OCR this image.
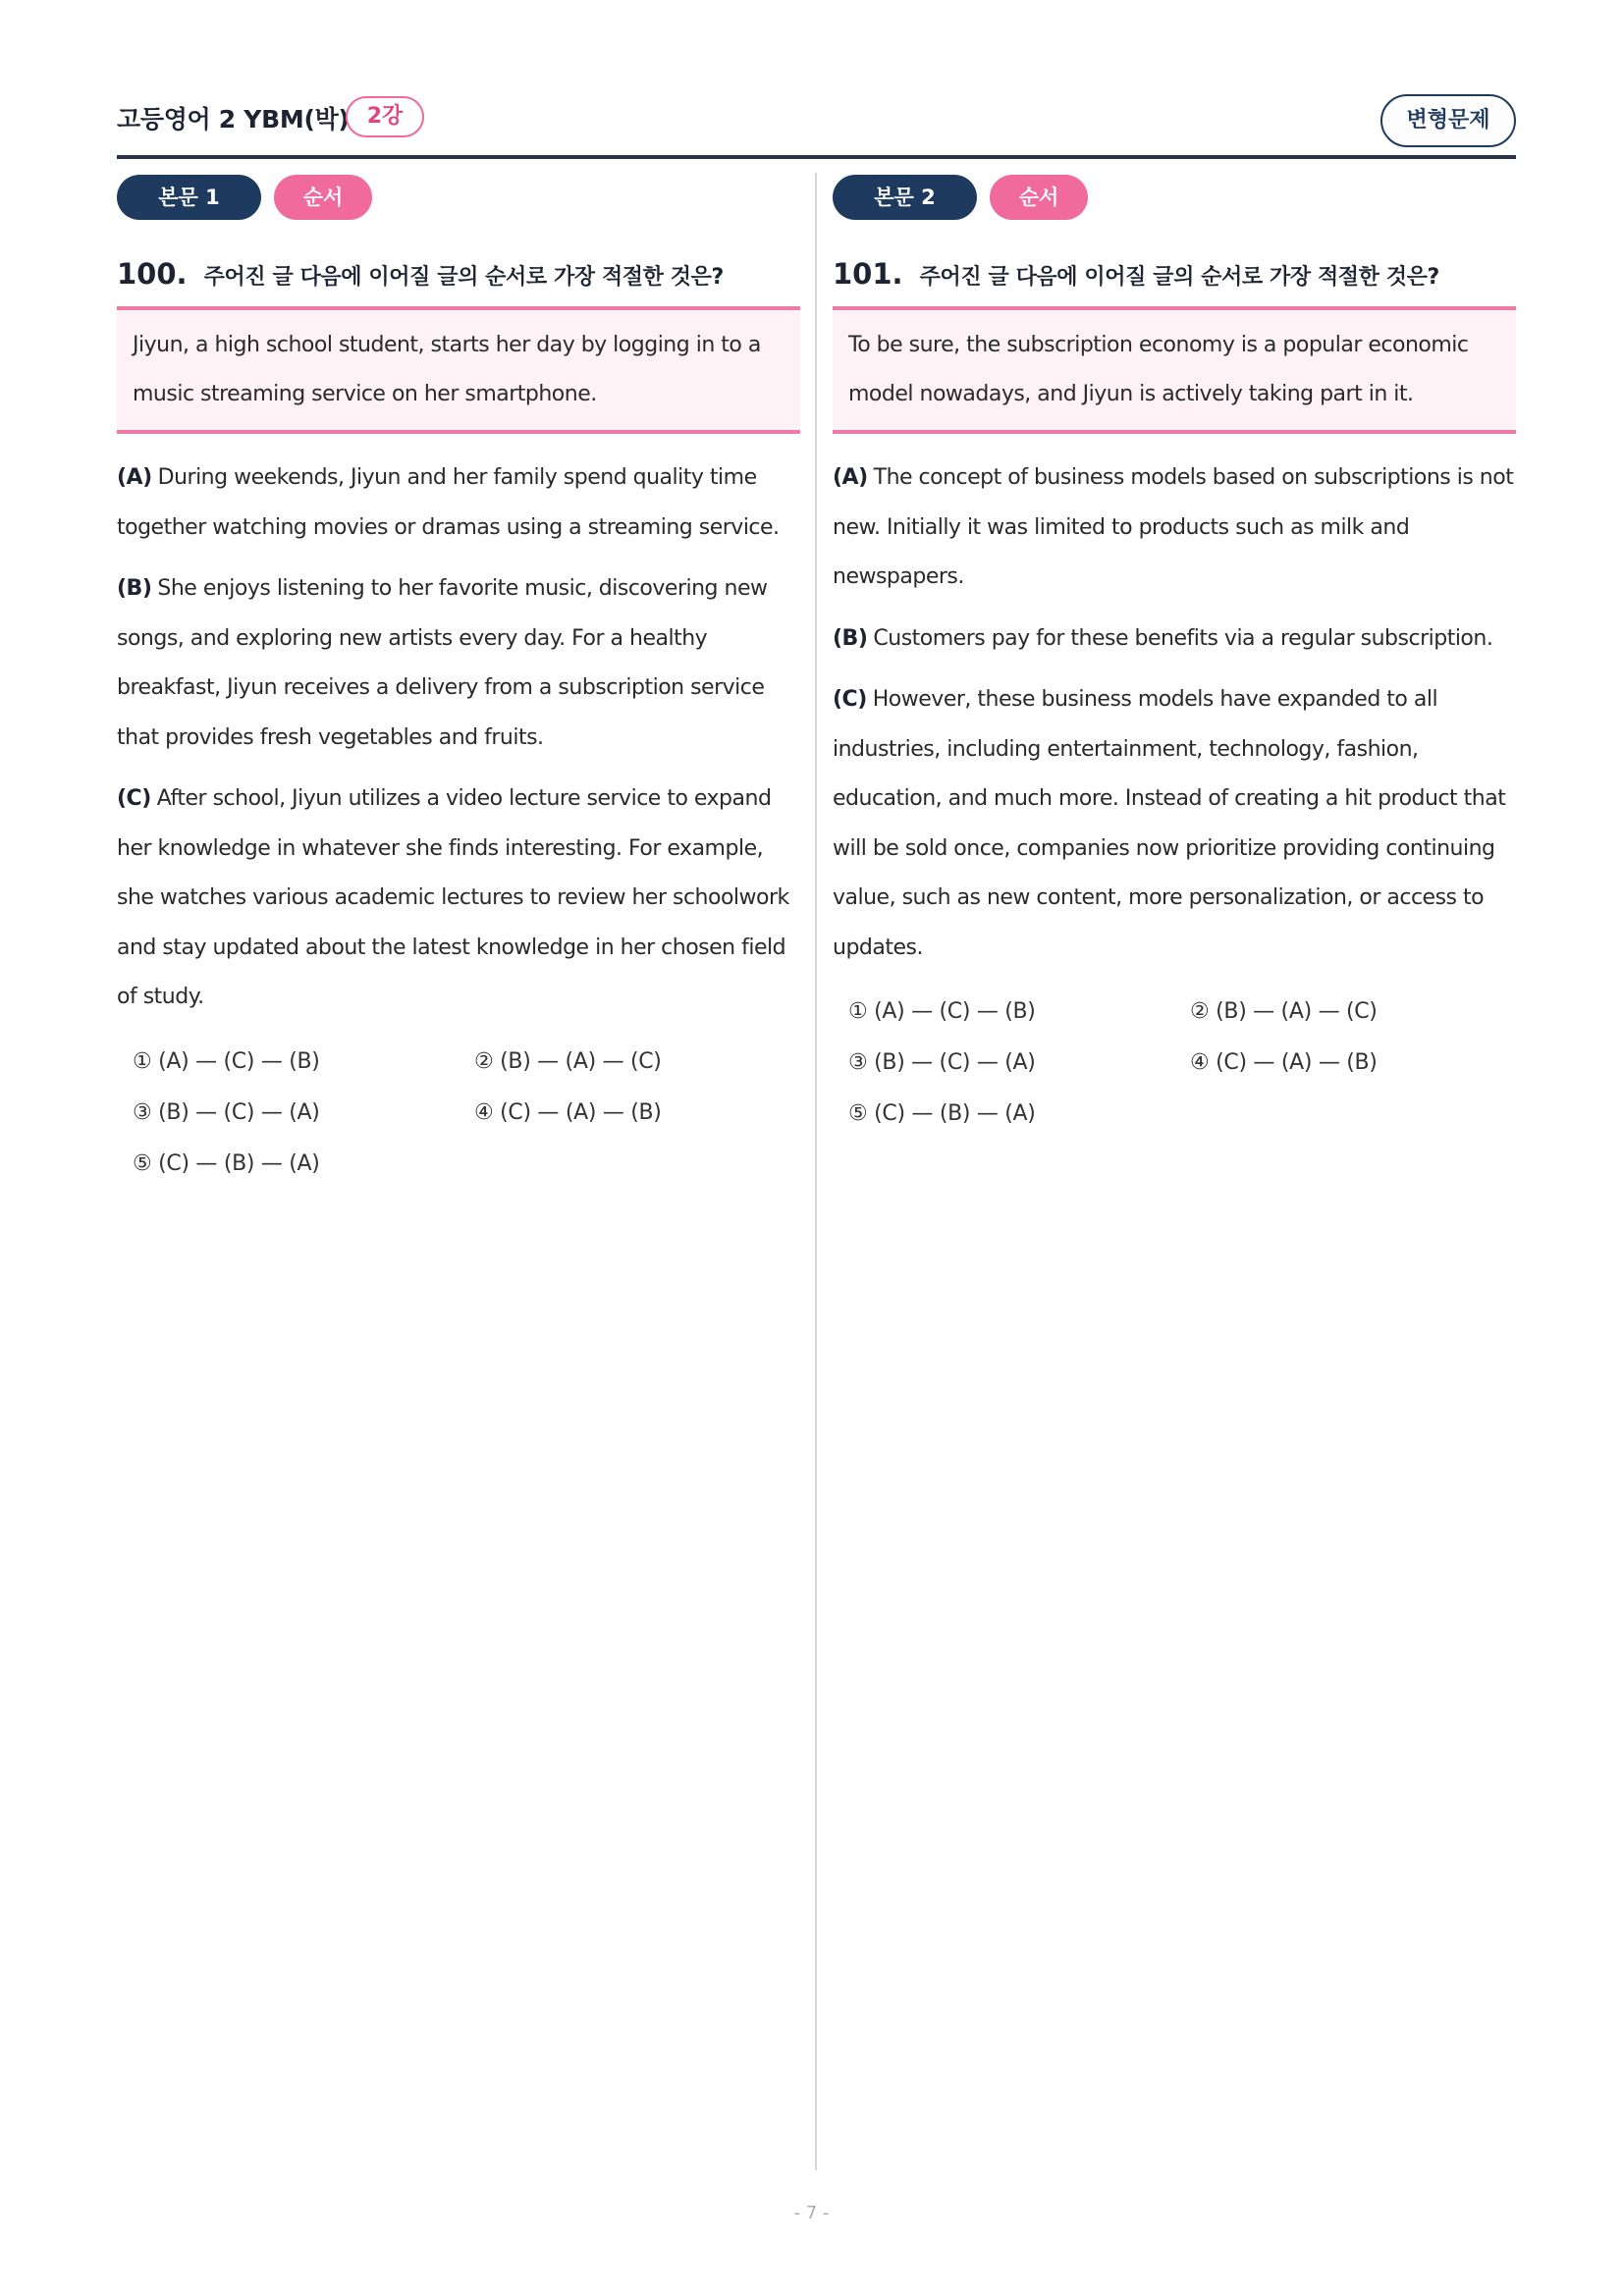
고등영어 2 YBM(박) 2강	변형문제
본문 1	순서
100. 주어진 글 다음에 이어질 글의 순서로 가장 적절한 것은?
Jiyun, a high school student, starts her day by logging in to a music streaming service on her smartphone.

(A) During weekends, Jiyun and her family spend quality time together watching movies or dramas using a streaming service.

(B) She enjoys listening to her favorite music, discovering new songs, and exploring new artists every day. For a healthy breakfast, Jiyun receives a delivery from a subscription service that provides fresh vegetables and fruits.

(C) After school, Jiyun utilizes a video lecture service to expand her knowledge in whatever she finds interesting. For example, she watches various academic lectures to review her schoolwork and stay updated about the latest knowledge in her chosen field of study.

① (A) — (C) — (B)	② (B) — (A) — (C)
③ (B) — (C) — (A)	④ (C) — (A) — (B)
⑤ (C) — (B) — (A)
본문 2	순서
101. 주어진 글 다음에 이어질 글의 순서로 가장 적절한 것은?
To be sure, the subscription economy is a popular economic model nowadays, and Jiyun is actively taking part in it.

(A) The concept of business models based on subscriptions is not new. Initially it was limited to products such as milk and newspapers.

(B) Customers pay for these benefits via a regular subscription.

(C) However, these business models have expanded to all industries, including entertainment, technology, fashion, education, and much more. Instead of creating a hit product that will be sold once, companies now prioritize providing continuing value, such as new content, more personalization, or access to updates.

① (A) — (C) — (B)	② (B) — (A) — (C)
③ (B) — (C) — (A)	④ (C) — (A) — (B)
⑤ (C) — (B) — (A)
- 7 -
